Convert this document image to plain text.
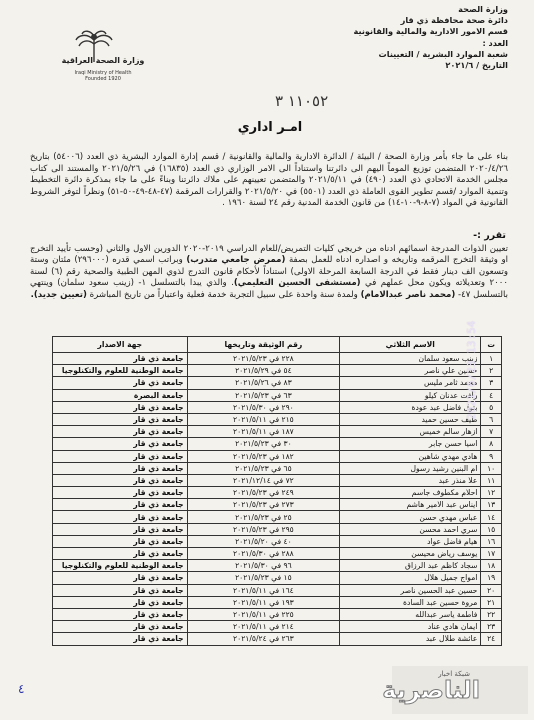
وزارة الصحة
دائرة صحة محافظة ذي قار
قسم الامور الادارية والمالية والقانونية
العدد :
شعبة الموارد البشرية / التعيينات
التاريخ / ٢٠٢١/٦
وزارة الصحة العراقية
Iraqi Ministry of Health
Founded 1920
١١٠٥٢ ٣
امـر اداري
بناء على ما جاء بأمر وزارة الصحة / البيئة / الدائرة الادارية والمالية والقانونية / قسم إدارة الموارد البشرية ذي العدد (٥٤٠٠٦) بتاريخ ٢٠٢٠/٤/٢٦ المتضمن توزيع الموماً اليهم الى دائرتنا واستناداً الى الامر الوزاري ذي العدد (١٦٨٣٥) في ٢٠٢١/٥/٢٦ والمستند الى كتاب مجلس الخدمة الاتحادي ذي العدد (٤٩٠) في ٢٠٢١/٥/١١ والمتضمن تعيينهم على ملاك دائرتنا وبناءً على ما جاء بمذكرة دائرة التخطيط وتنمية الموارد /قسم تطوير القوى العاملة ذي العدد (٥٥٠١) في ٢٠٢١/٥/٢٠ والقرارات المرقمة (٤٧-٤٨-٤٩-٥٠-٥١) ونظراً لتوفر الشروط القانونية في المواد (٧-٨-٩-١٠-١٤) من قانون الخدمة المدنية رقم ٢٤ لسنة ١٩٦٠ .
تقرر :-
تعيين الذوات المدرجة اسمائهم ادناه من خريجي كليات التمريض/للعام الدراسي ٢٠١٩-٢٠٢٠ الدورين الاول والثاني (وحسب تأييد التخرج او وثيقة التخرج المرقمه وتاريخه و اصداره ادناه للعمل بصفة (ممرض جامعي متدرب) وبراتب اسمي قدره (٢٩٦٠٠٠) مئتان وستة وتسعون الف دينار فقط في الدرجة السابعة المرحلة الاولى) استناداً لأحكام قانون التدرج لذوي المهن الطبية والصحية رقم (٦) لسنة ٢٠٠٠ وتعديلاته ويكون محل عملهم في (مستشفى الحسين التعليمي). والذي يبدا بالتسلسل ١- (زينب سعود سلمان) وينتهي بالتسلسل ٤٧- (محمد ناصر عبدالامام) ولمدة سنة واحدة على سبيل التجربة خدمة فعلية واعتباراً من تاريخ المباشرة (تعيين جديد).
ت	الاسم الثلاثي	رقم الوثيقة وتاريخها	جهة الاصدار
١	زينب سعود سلمان	٢٢٨ في ٢٠٢١/٥/٢٣	جامعة ذي قار
٢	حسين علي ناصر	٥٤ في ٢٠٢١/٥/٢٩	جامعة الوطنية للعلوم والتكنلوجيا
٣	محمد ثامر مليس	٨٣ في ٢٠٢١/٥/٢٦	جامعة ذي قار
٤	رأفت عدنان كيلو	٦٣ في ٢٠٢١/٥/٢٣	جامعة البصرة
٥	بتول فاضل عبد عودة	٢٩٠ في ٢٠٢١/٥/٣٠	جامعة ذي قار
٦	طيف حسين حميد	٢١٥ في ٢٠٢١/٥/١١	جامعة ذي قار
٧	ازهار سالم خميس	١٨٧ في ٢٠٢١/٥/١١	جامعة ذي قار
٨	اسيا حسن جابر	٣٠ في ٢٠٢١/٥/٢٣	جامعة ذي قار
٩	هادي مهدي شاهين	١٨٢ في ٢٠٢١/٥/٢٣	جامعة ذي قار
١٠	ام البنين رشيد رسول	٦٥ في ٢٠٢١/٥/٢٣	جامعة ذي قار
١١	علا منذر عبد	٧٢ في ٢٠٢١/١٢/١٤	جامعة ذي قار
١٢	احلام مكطوف جاسم	٢٤٩ في ٢٠٢١/٥/٢٣	جامعة ذي قار
١٣	ايناس عبد الامير هاشم	٢٧٣ في ٢٠٢١/٥/٢٣	جامعة ذي قار
١٤	عباس مهدي حسن	٢٥ في ٢٠٢١/٥/٢٣	جامعة ذي قار
١٥	سري احمد محسن	٢٩٥ في ٢٠٢١/٥/٢٣	جامعة ذي قار
١٦	هيام فاضل عواد	٤٠ في ٢٠٢١/٥/٢٠	جامعة ذي قار
١٧	يوسف رياض محيسن	٢٨٨ في ٢٠٢١/٥/٣٠	جامعة ذي قار
١٨	سجاد كاظم عبد الرزاق	٩٦ في ٢٠٢١/٥/٣٠	جامعة الوطنية للعلوم والتكنلوجيا
١٩	امواج جميل هلال	١٥ في ٢٠٢١/٥/٢٣	جامعة ذي قار
٢٠	حسين عبد الحسين ناصر	١٦٤ في ٢٠٢١/٥/١١	جامعة ذي قار
٢١	مروة حسين عبد السادة	١٩٣ في ٢٠٢١/٥/١١	جامعة ذي قار
٢٢	فاطمة ياسر عبدالله	٢٢٥ في ٢٠٢١/٥/١١	جامعة ذي قار
٢٣	ايمان هادي عناد	٢١٤ في ٢٠٢١/٥/١١	جامعة ذي قار
٢٤	عائشة طلال عبد	٢٦٣ في ٢٠٢١/٥/٢٤	جامعة ذي قار
2021/6/23 13:54
شبكة اخبار
الناصرية
٤
